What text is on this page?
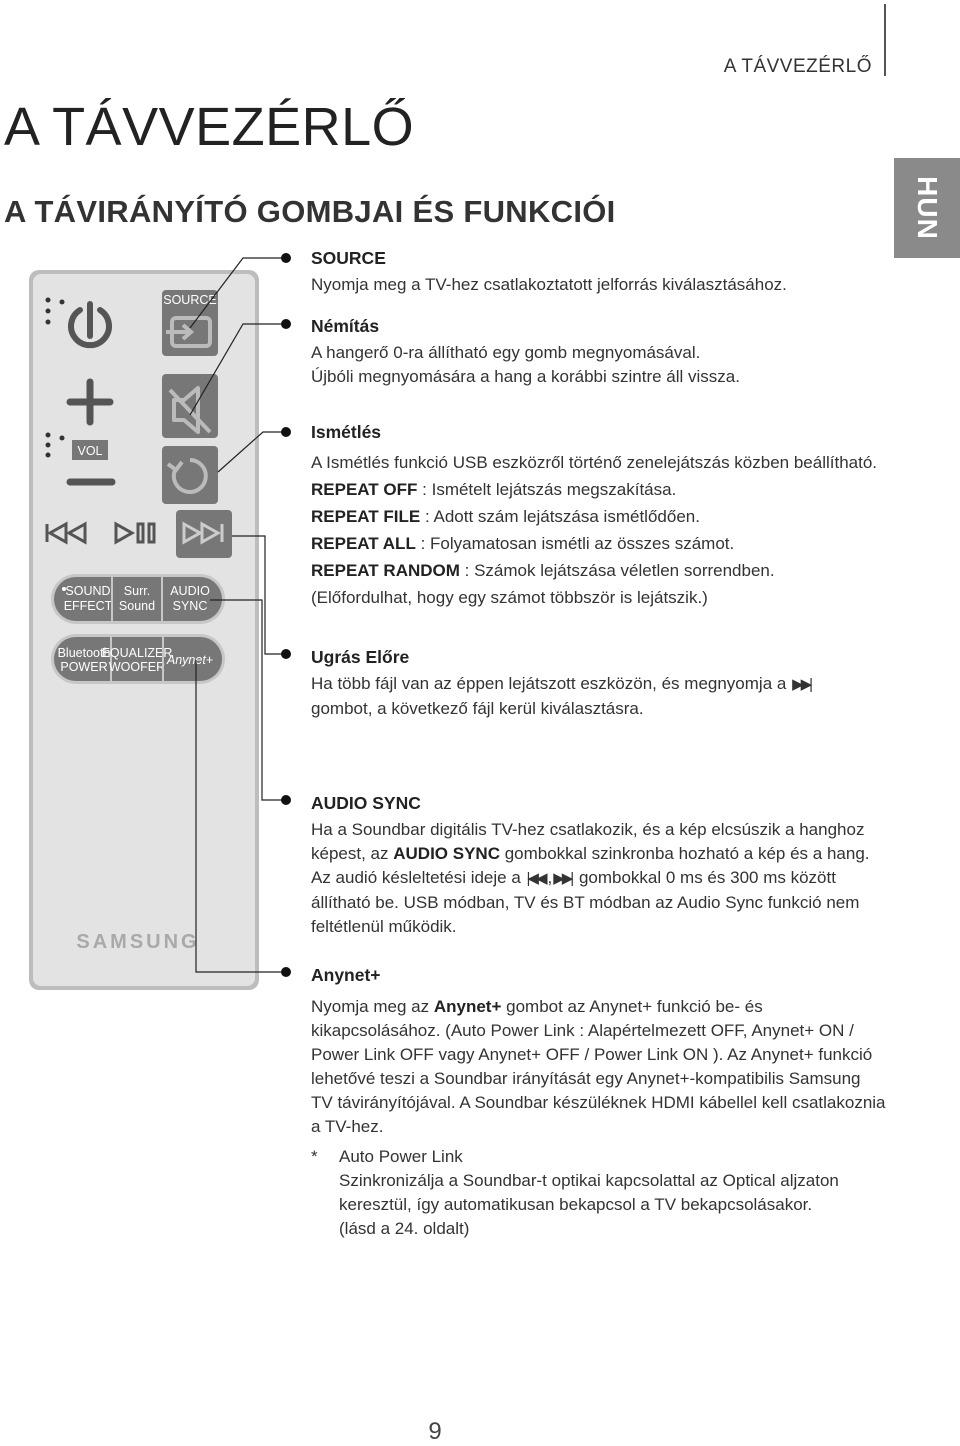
A TÁVVEZÉRLŐ
A TÁVVEZÉRLŐ
A TÁVIRÁNYÍTÓ GOMBJAI ÉS FUNKCIÓI	HUN
SOURCE
VOL
SOUND
EFFECT
Surr.
Sound
AUDIO
SYNC
Bluetooth
POWER
EQUALIZER
WOOFER Anynet+
SAMSUNG
SOURCE
Nyomja meg a TV-hez csatlakoztatott jelforrás kiválasztásához.
Némítás
A hangerő 0-ra állítható egy gomb megnyomásával.
Újbóli megnyomására a hang a korábbi szintre áll vissza.
Ismétlés
A Ismétlés funkció USB eszközről történő zenelejátszás közben beállítható.
REPEAT OFF : Ismételt lejátszás megszakítása.
REPEAT FILE : Adott szám lejátszása ismétlődően.
REPEAT ALL : Folyamatosan ismétli az összes számot.
REPEAT RANDOM : Számok lejátszása véletlen sorrendben.
(Előfordulhat, hogy egy számot többször is lejátszik.)
Ugrás Előre
Ha több fájl van az éppen lejátszott eszközön, és megnyomja a ▶▶|
gombot, a következő fájl kerül kiválasztásra.
AUDIO SYNC
Ha a Soundbar digitális TV-hez csatlakozik, és a kép elcsúszik a hanghoz
képest, az AUDIO SYNC gombokkal szinkronba hozható a kép és a hang.
Az audió késleltetési ideje a |◀◀ ,▶▶| gombokkal 0 ms és 300 ms között
állítható be. USB módban, TV és BT módban az Audio Sync funkció nem
feltétlenül működik.
Anynet+
Nyomja meg az Anynet+ gombot az Anynet+ funkció be- és
kikapcsolásához. (Auto Power Link : Alapértelmezett OFF, Anynet+ ON /
Power Link OFF vagy Anynet+ OFF / Power Link ON ). Az Anynet+ funkció
lehetővé teszi a Soundbar irányítását egy Anynet+-kompatibilis Samsung
TV távirányítójával. A Soundbar készüléknek HDMI kábellel kell csatlakoznia
a TV-hez.
*	Auto Power Link
Szinkronizálja a Soundbar-t optikai kapcsolattal az Optical aljzaton
keresztül, így automatikusan bekapcsol a TV bekapcsolásakor.
(lásd a 24. oldalt)
9
